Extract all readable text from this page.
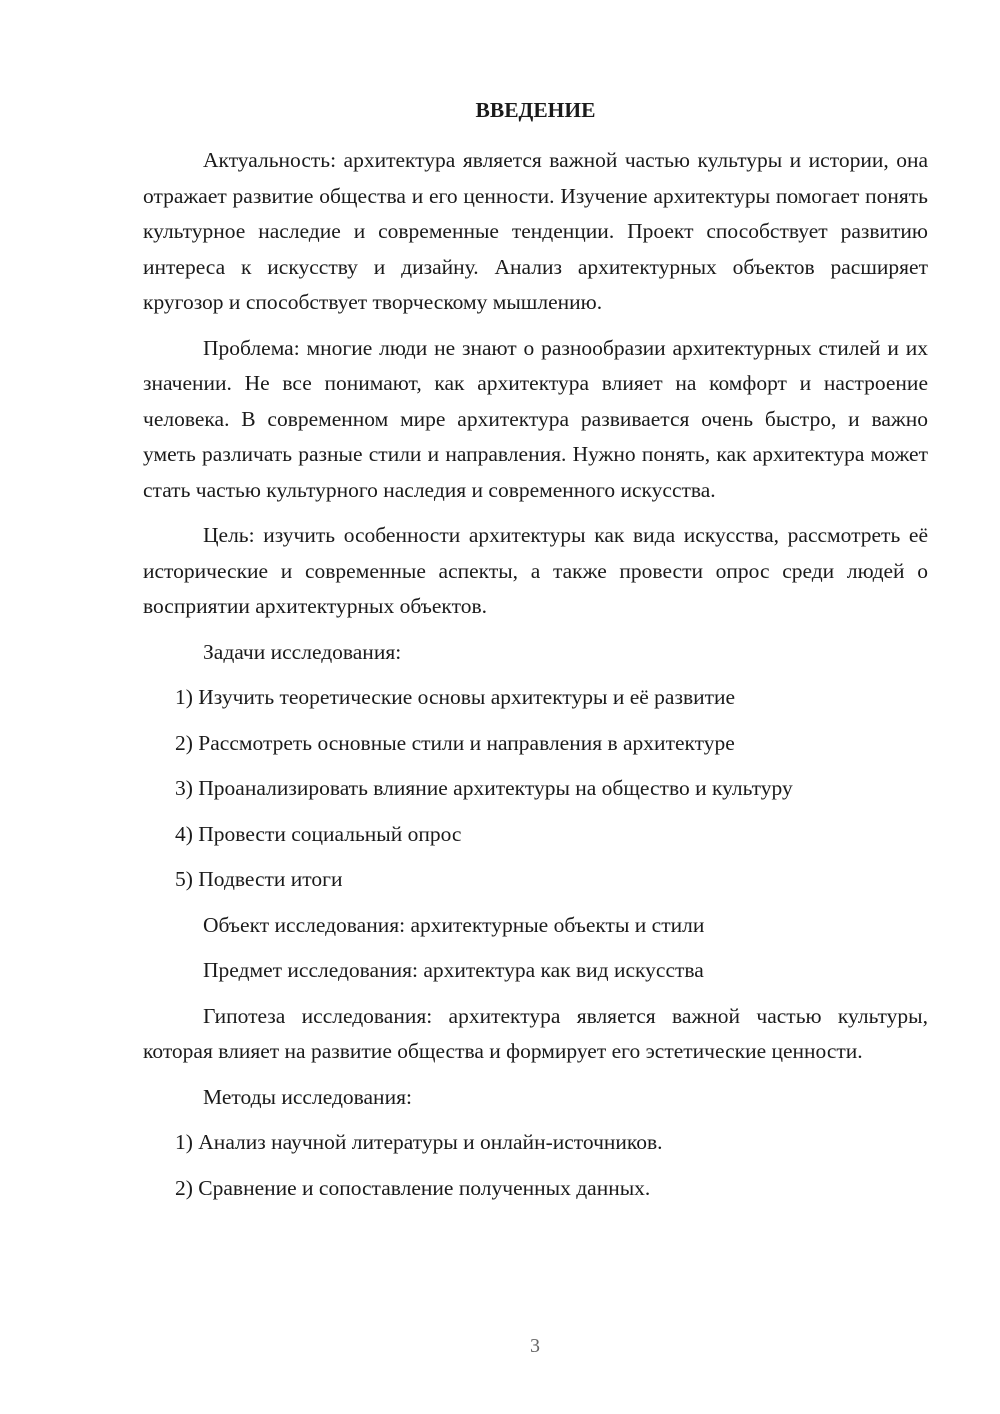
ВВЕДЕНИЕ

Актуальность: архитектура является важной частью культуры и истории, она отражает развитие общества и его ценности. Изучение архитектуры помогает понять культурное наследие и современные тенденции. Проект способствует развитию интереса к искусству и дизайну. Анализ архитектурных объектов расширяет кругозор и способствует творческому мышлению.

Проблема: многие люди не знают о разнообразии архитектурных стилей и их значении. Не все понимают, как архитектура влияет на комфорт и настроение человека. В современном мире архитектура развивается очень быстро, и важно уметь различать разные стили и направления. Нужно понять, как архитектура может стать частью культурного наследия и современного искусства.

Цель: изучить особенности архитектуры как вида искусства, рассмотреть её исторические и современные аспекты, а также провести опрос среди людей о восприятии архитектурных объектов.

Задачи исследования:
1) Изучить теоретические основы архитектуры и её развитие
2) Рассмотреть основные стили и направления в архитектуре
3) Проанализировать влияние архитектуры на общество и культуру
4) Провести социальный опрос
5) Подвести итоги
Объект исследования: архитектурные объекты и стили
Предмет исследования: архитектура как вид искусства

Гипотеза исследования: архитектура является важной частью культуры, которая влияет на развитие общества и формирует его эстетические ценности.

Методы исследования:
1) Анализ научной литературы и онлайн-источников.
2) Сравнение и сопоставление полученных данных.
3
